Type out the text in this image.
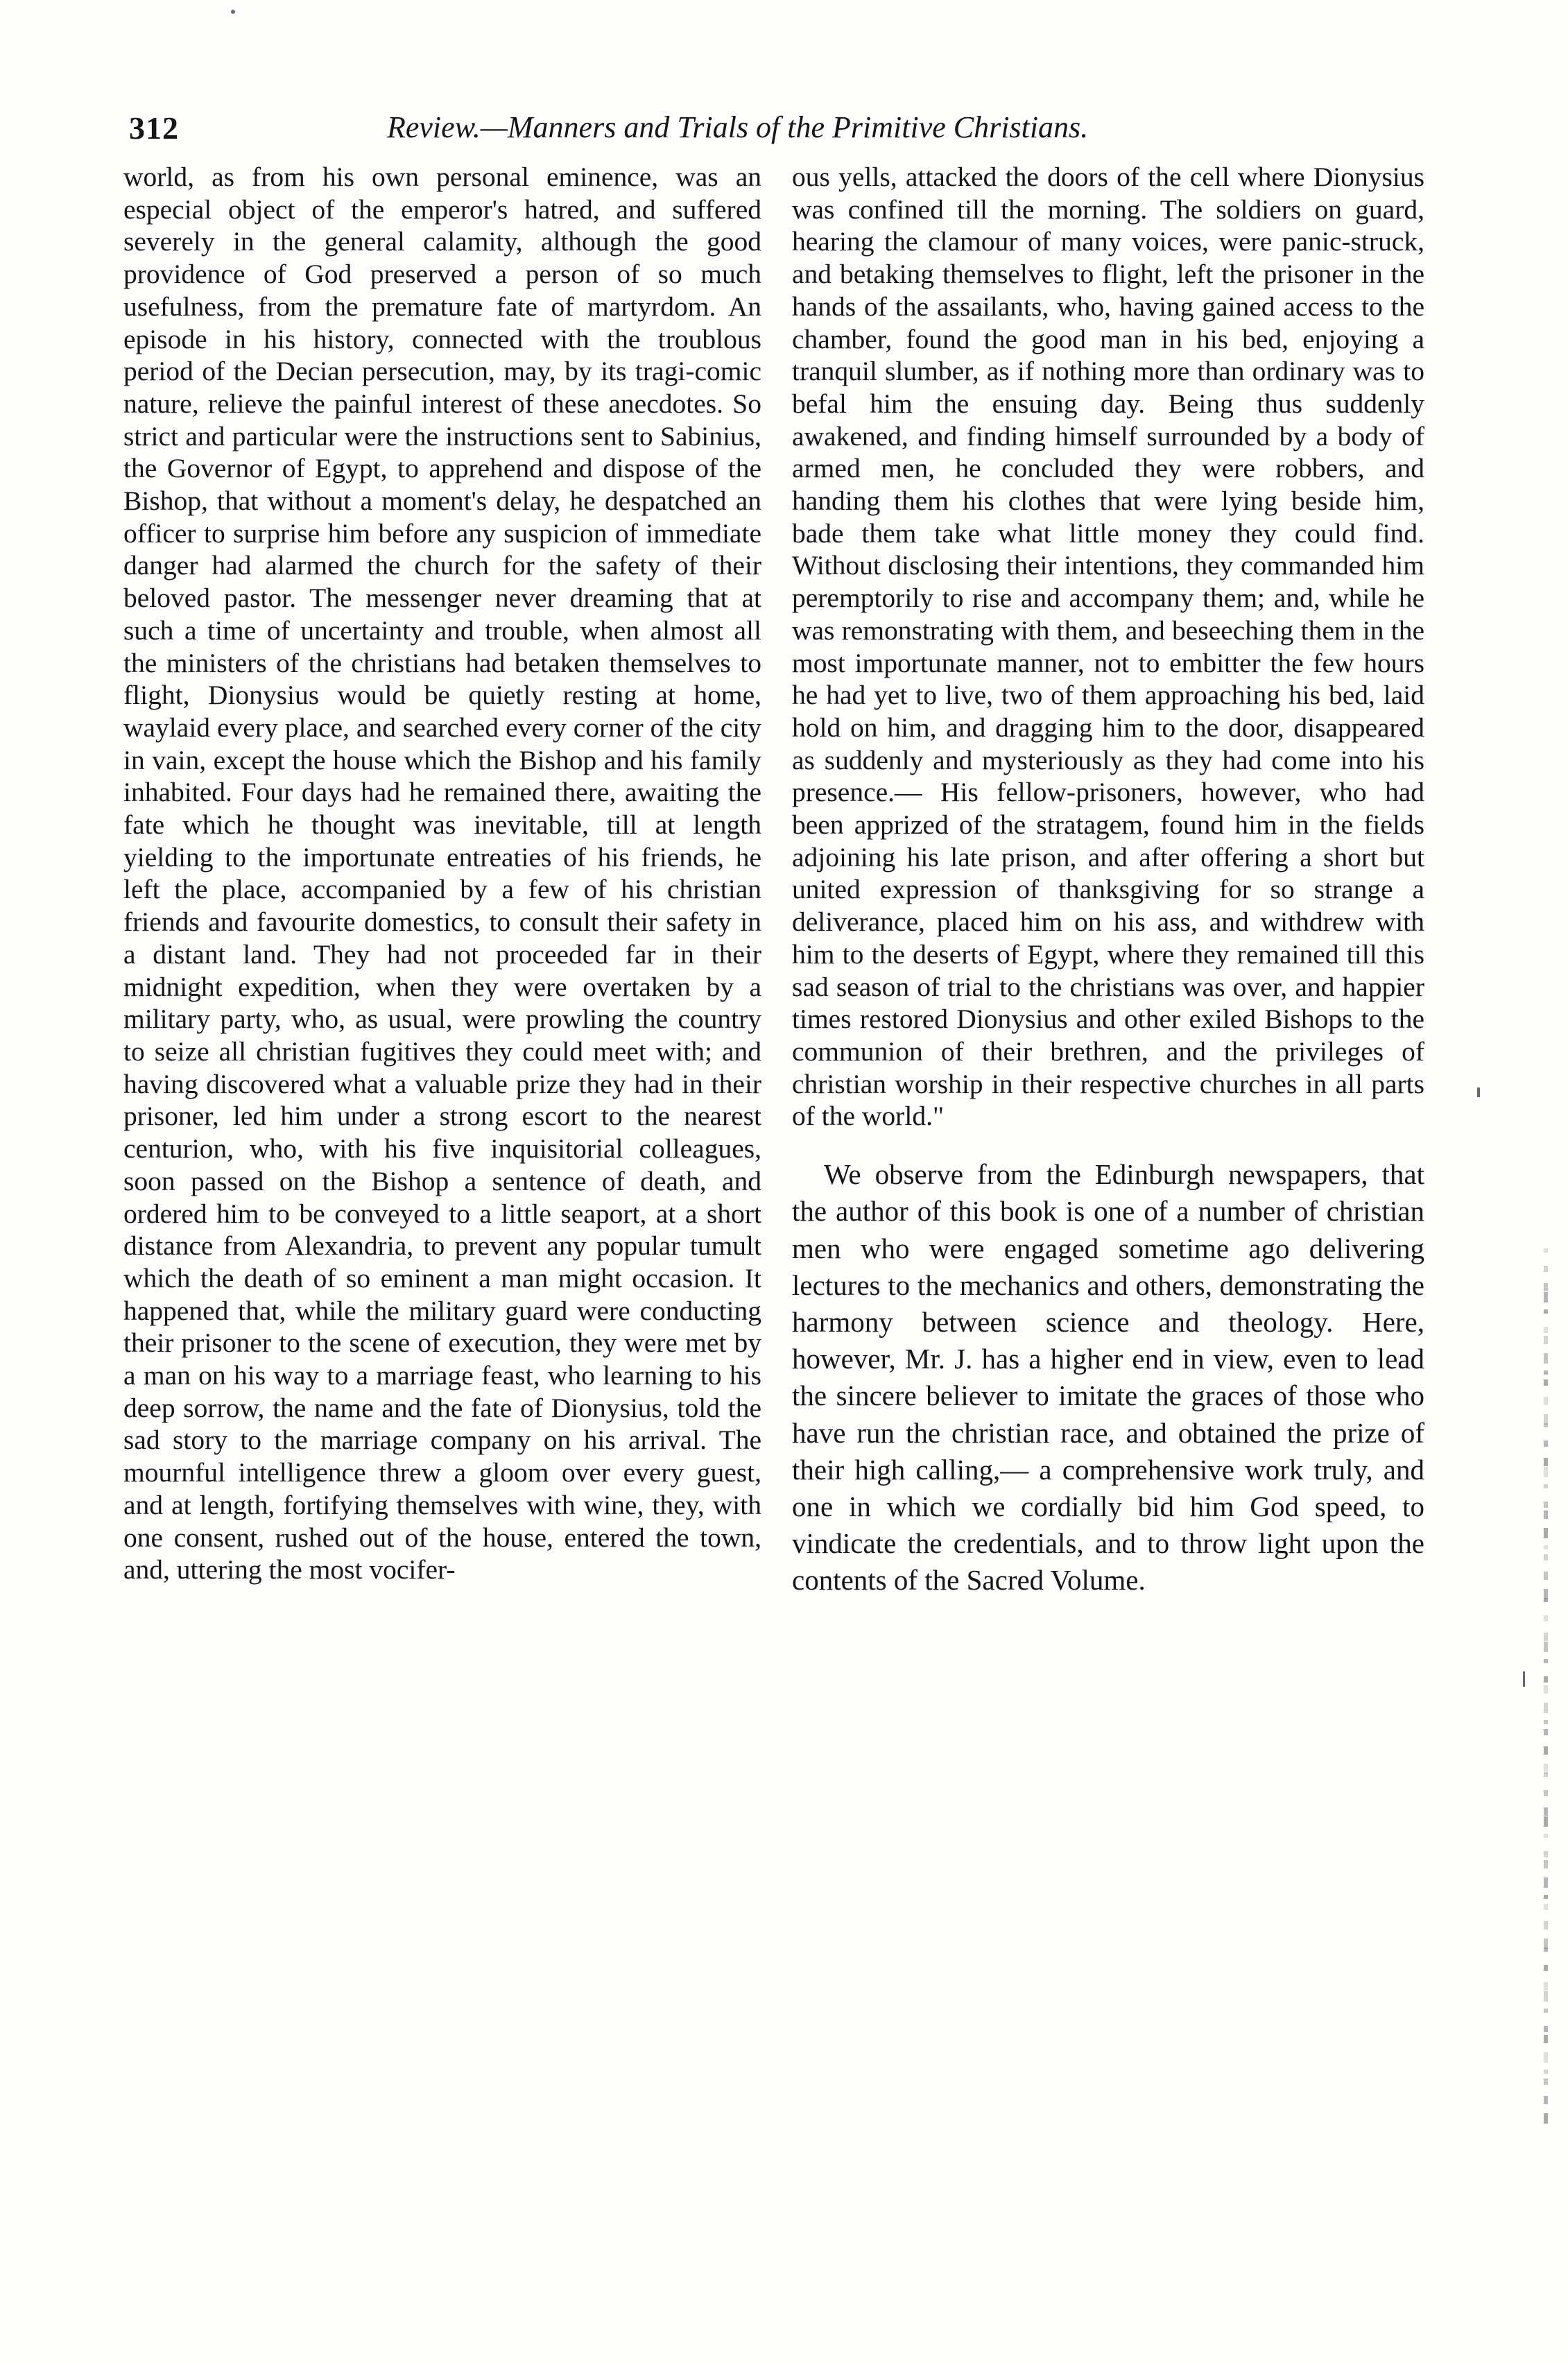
312	Review.—Manners and Trials of the Primitive Christians.

world, as from his own personal eminence, was an especial object of the emperor's hatred, and suffered severely in the general calamity, although the good providence of God preserved a person of so much usefulness, from the premature fate of martyrdom. An episode in his history, connected with the troublous period of the Decian persecution, may, by its tragi-comic nature, relieve the painful interest of these anecdotes. So strict and particular were the instructions sent to Sabinius, the Governor of Egypt, to apprehend and dispose of the Bishop, that without a moment's delay, he despatched an officer to surprise him before any suspicion of immediate danger had alarmed the church for the safety of their beloved pastor. The messenger never dreaming that at such a time of uncertainty and trouble, when almost all the ministers of the christians had betaken themselves to flight, Dionysius would be quietly resting at home, waylaid every place, and searched every corner of the city in vain, except the house which the Bishop and his family inhabited. Four days had he remained there, awaiting the fate which he thought was inevitable, till at length yielding to the importunate entreaties of his friends, he left the place, accompanied by a few of his christian friends and favourite domestics, to consult their safety in a distant land. They had not proceeded far in their midnight expedition, when they were overtaken by a military party, who, as usual, were prowling the country to seize all christian fugitives they could meet with; and having discovered what a valuable prize they had in their prisoner, led him under a strong escort to the nearest centurion, who, with his five inquisitorial colleagues, soon passed on the Bishop a sentence of death, and ordered him to be conveyed to a little seaport, at a short distance from Alexandria, to prevent any popular tumult which the death of so eminent a man might occasion. It happened that, while the military guard were conducting their prisoner to the scene of execution, they were met by a man on his way to a marriage feast, who learning to his deep sorrow, the name and the fate of Dionysius, told the sad story to the marriage company on his arrival. The mournful intelligence threw a gloom over every guest, and at length, fortifying themselves with wine, they, with one consent, rushed out of the house, entered the town, and, uttering the most vocifer-

ous yells, attacked the doors of the cell where Dionysius was confined till the morning. The soldiers on guard, hearing the clamour of many voices, were panic-struck, and betaking themselves to flight, left the prisoner in the hands of the assailants, who, having gained access to the chamber, found the good man in his bed, enjoying a tranquil slumber, as if nothing more than ordinary was to befal him the ensuing day. Being thus suddenly awakened, and finding himself surrounded by a body of armed men, he concluded they were robbers, and handing them his clothes that were lying beside him, bade them take what little money they could find. Without disclosing their intentions, they commanded him peremptorily to rise and accompany them; and, while he was remonstrating with them, and beseeching them in the most importunate manner, not to embitter the few hours he had yet to live, two of them approaching his bed, laid hold on him, and dragging him to the door, disappeared as suddenly and mysteriously as they had come into his presence.— His fellow-prisoners, however, who had been apprized of the stratagem, found him in the fields adjoining his late prison, and after offering a short but united expression of thanksgiving for so strange a deliverance, placed him on his ass, and withdrew with him to the deserts of Egypt, where they remained till this sad season of trial to the christians was over, and happier times restored Dionysius and other exiled Bishops to the communion of their brethren, and the privileges of christian worship in their respective churches in all parts of the world."

We observe from the Edinburgh newspapers, that the author of this book is one of a number of christian men who were engaged sometime ago delivering lectures to the mechanics and others, demonstrating the harmony between science and theology. Here, however, Mr. J. has a higher end in view, even to lead the sincere believer to imitate the graces of those who have run the christian race, and obtained the prize of their high calling,— a comprehensive work truly, and one in which we cordially bid him God speed, to vindicate the credentials, and to throw light upon the contents of the Sacred Volume.
